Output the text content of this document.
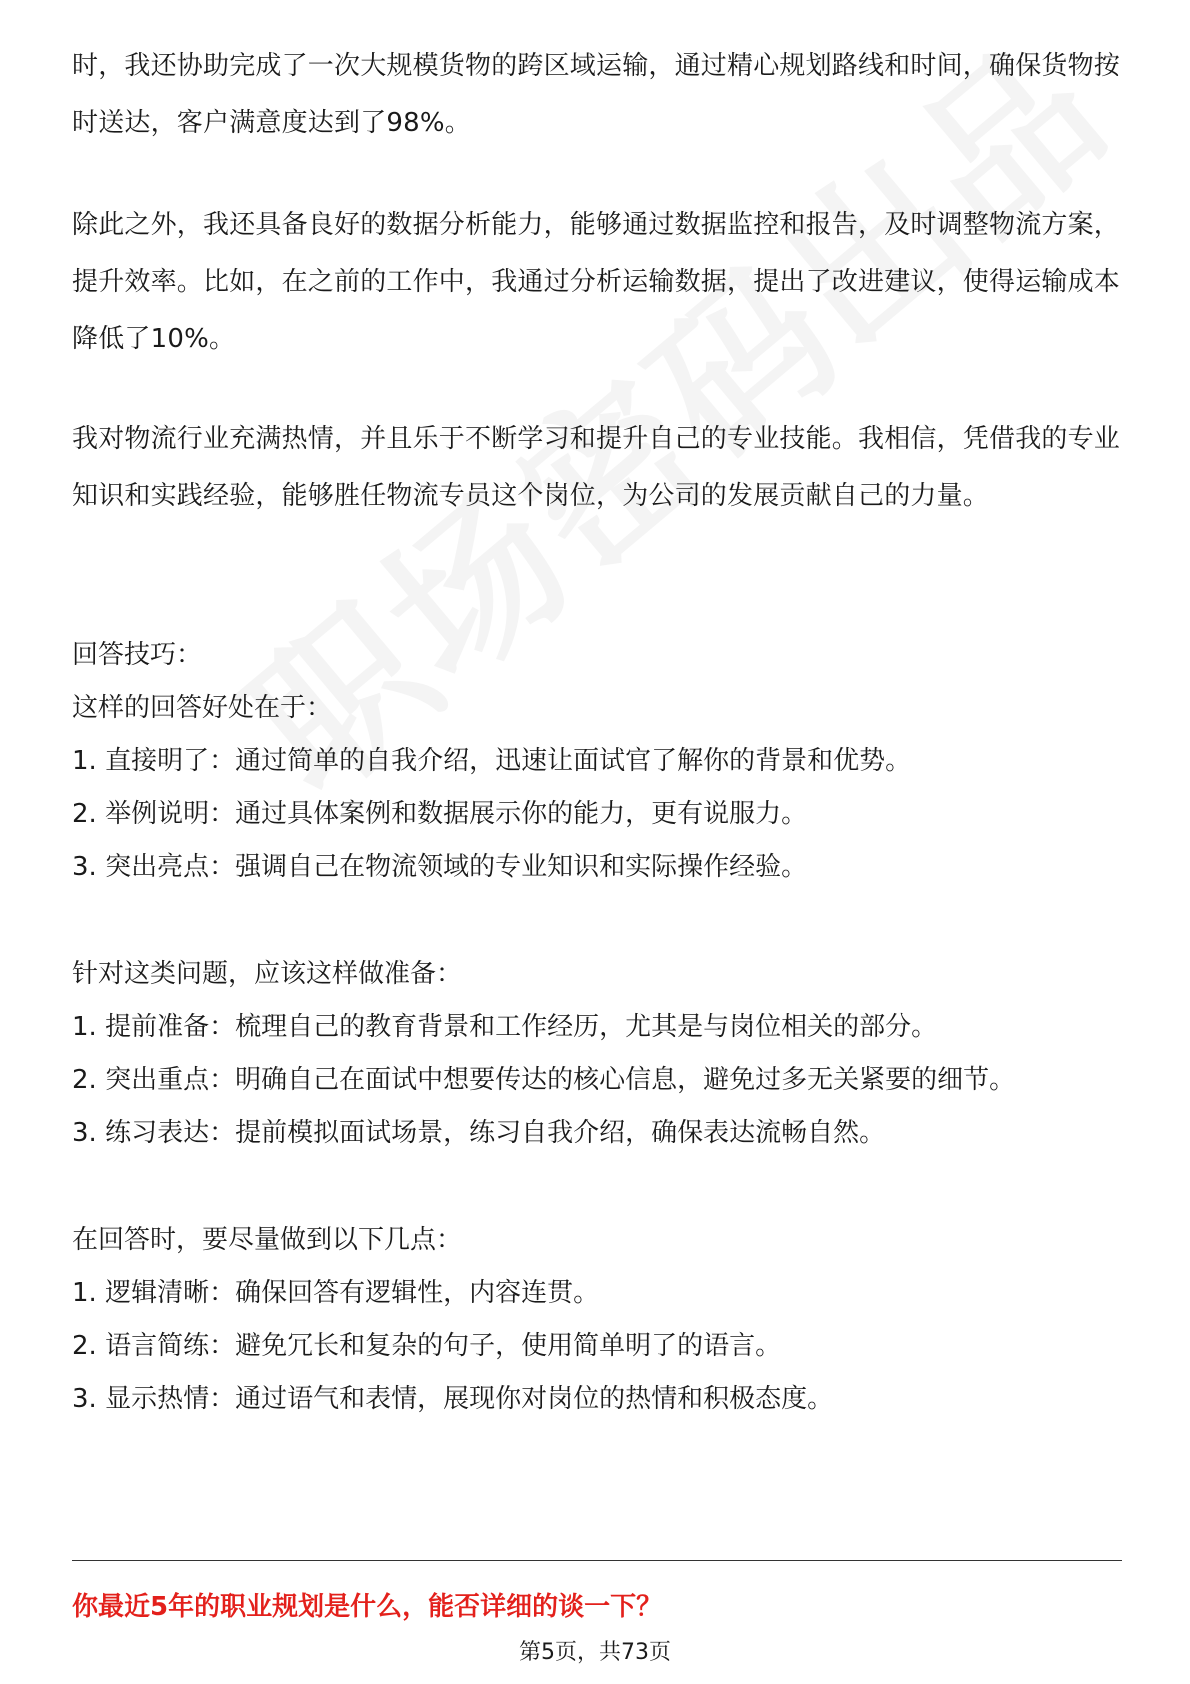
时，我还协助完成了一次大规模货物的跨区域运输，通过精心规划路线和时间，确保货物按时送达，客户满意度达到了98%。

除此之外，我还具备良好的数据分析能力，能够通过数据监控和报告，及时调整物流方案，提升效率。比如，在之前的工作中，我通过分析运输数据，提出了改进建议，使得运输成本降低了10%。

我对物流行业充满热情，并且乐于不断学习和提升自己的专业技能。我相信，凭借我的专业知识和实践经验，能够胜任物流专员这个岗位，为公司的发展贡献自己的力量。

回答技巧：

这样的回答好处在于：

1. 直接明了：通过简单的自我介绍，迅速让面试官了解你的背景和优势。

2. 举例说明：通过具体案例和数据展示你的能力，更有说服力。

3. 突出亮点：强调自己在物流领域的专业知识和实际操作经验。

针对这类问题，应该这样做准备：

1. 提前准备：梳理自己的教育背景和工作经历，尤其是与岗位相关的部分。

2. 突出重点：明确自己在面试中想要传达的核心信息，避免过多无关紧要的细节。

3. 练习表达：提前模拟面试场景，练习自我介绍，确保表达流畅自然。

在回答时，要尽量做到以下几点：

1. 逻辑清晰：确保回答有逻辑性，内容连贯。

2. 语言简练：避免冗长和复杂的句子，使用简单明了的语言。

3. 显示热情：通过语气和表情，展现你对岗位的热情和积极态度。

你最近5年的职业规划是什么，能否详细的谈一下？

第5页，共73页
